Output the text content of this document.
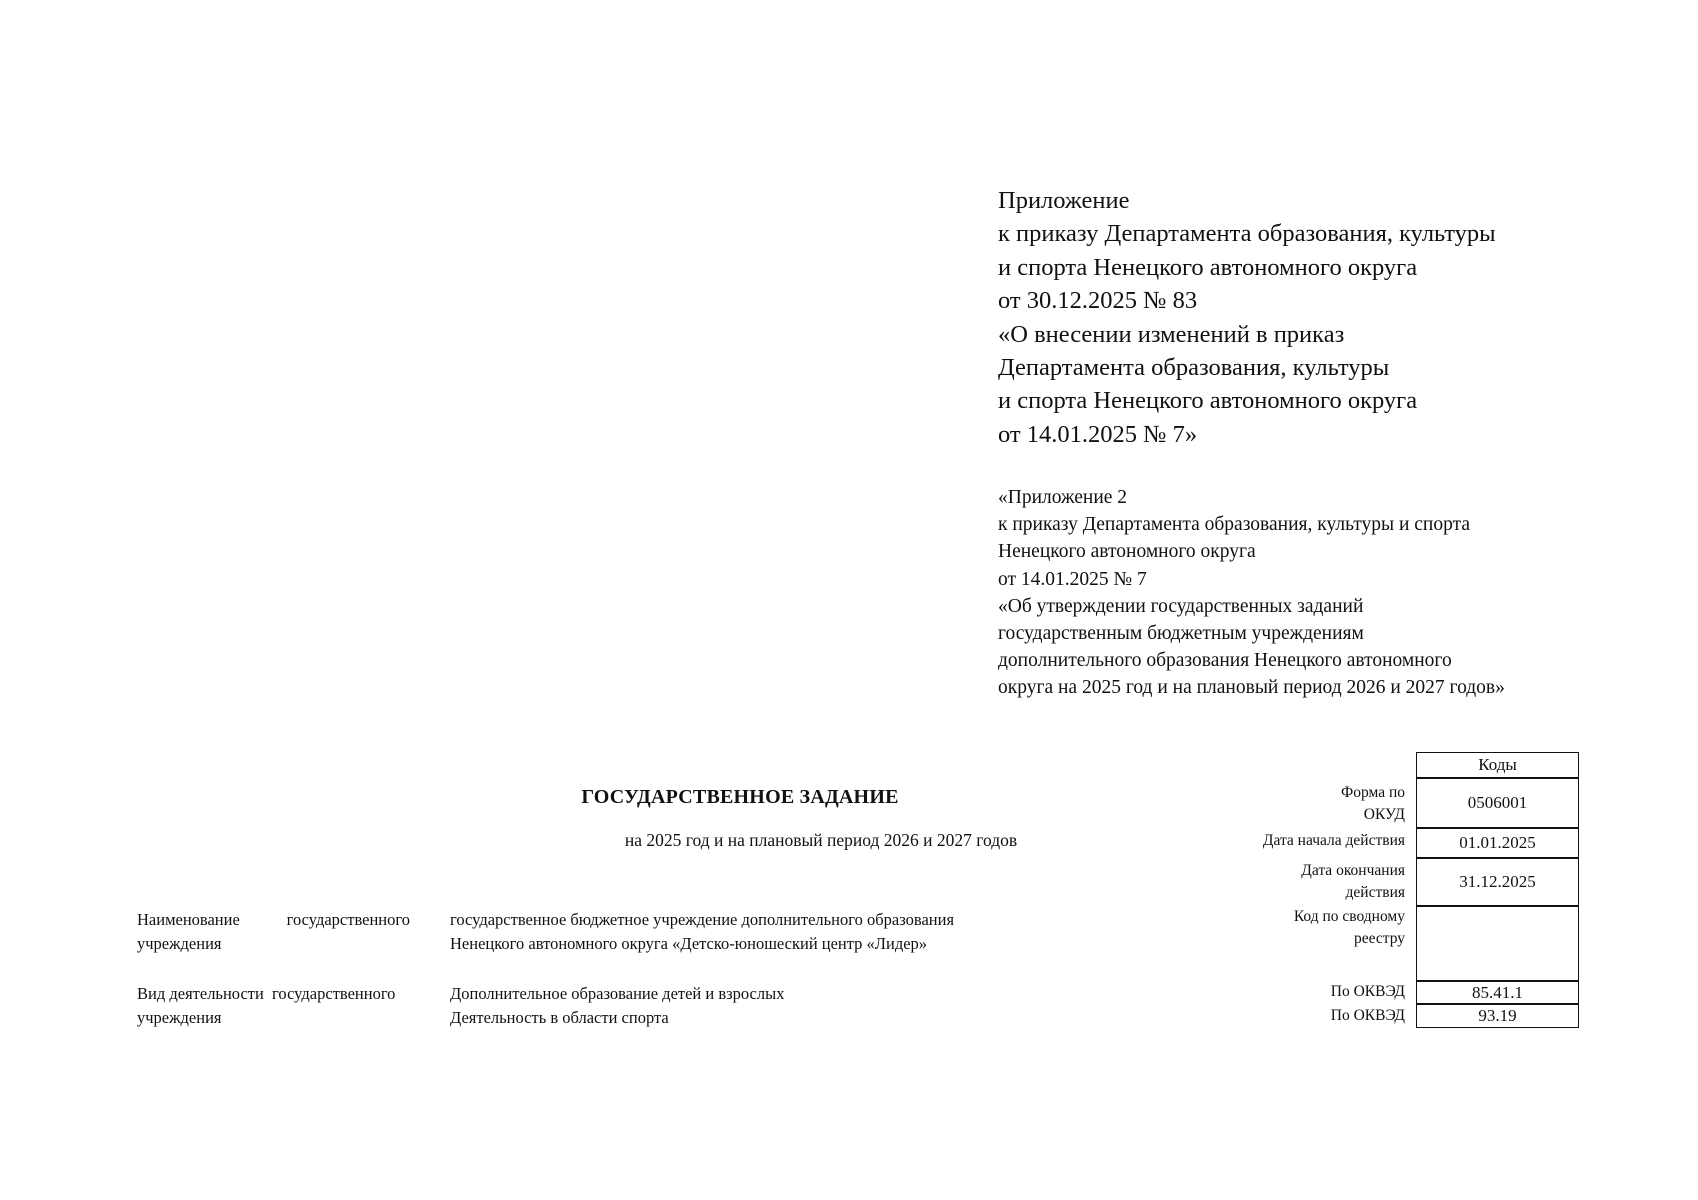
Приложение
к приказу Департамента образования, культуры
и спорта Ненецкого автономного округа
от 30.12.2025 № 83
«О внесении изменений в приказ
Департамента образования, культуры
и спорта Ненецкого автономного округа
от 14.01.2025 № 7»
«Приложение 2
к приказу Департамента образования, культуры и спорта
Ненецкого автономного округа
от 14.01.2025 № 7
«Об утверждении государственных заданий
государственным бюджетным учреждениям
дополнительного образования Ненецкого автономного
округа на 2025 год и на плановый период 2026 и 2027 годов»
ГОСУДАРСТВЕННОЕ ЗАДАНИЕ
на 2025 год и на плановый период 2026 и 2027 годов
Наименование	государственного
учреждения
государственное бюджетное учреждение дополнительного образования
Ненецкого автономного округа «Детско-юношеский центр «Лидер»
Вид деятельности  государственного
учреждения
Дополнительное образование детей и взрослых
Деятельность в области спорта
Форма по
ОКУД
Дата начала действия
Дата окончания
действия
Код по сводному
реестру
По ОКВЭД
По ОКВЭД
Коды
0506001
01.01.2025
31.12.2025
85.41.1
93.19
